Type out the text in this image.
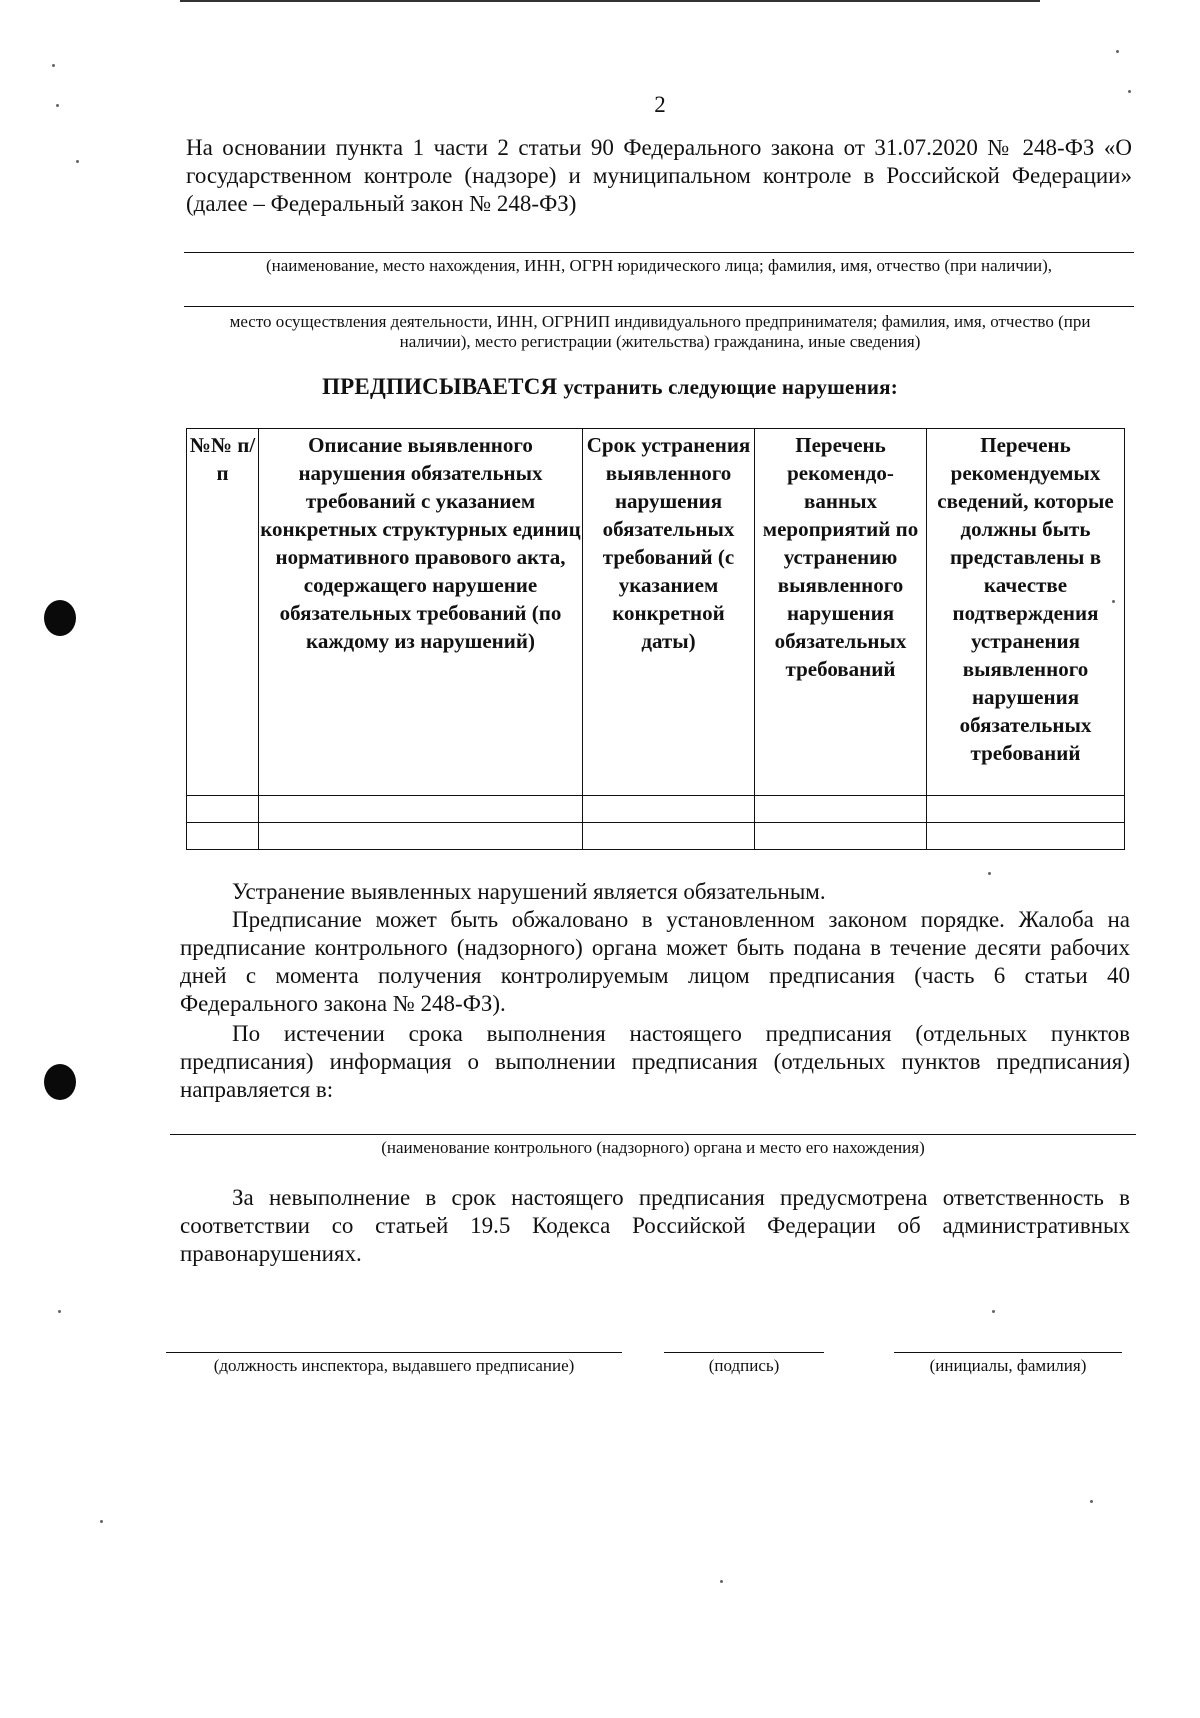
2
На основании пункта 1 части 2 статьи 90 Федерального закона от 31.07.2020 № 248-ФЗ «О государственном контроле (надзоре) и муниципальном контроле в Российской Федерации» (далее – Федеральный закон № 248-ФЗ)
(наименование, место нахождения, ИНН, ОГРН юридического лица; фамилия, имя, отчество (при наличии),
место осуществления деятельности, ИНН, ОГРНИП индивидуального предпринимателя; фамилия, имя, отчество (при наличии), место регистрации (жительства) гражданина, иные сведения)
ПРЕДПИСЫВАЕТСЯ устранить следующие нарушения:
№№ п/п	Описание выявленного нарушения обязательных требований с указанием конкретных структурных единиц нормативного правового акта, содержащего нарушение обязательных требований (по каждому из нарушений)	Срок устранения выявленного нарушения обязательных требований (с указанием конкретной даты)	Перечень рекомендо-ванных мероприятий по устранению выявленного нарушения обязательных требований	Перечень рекомендуемых сведений, которые должны быть представлены в качестве подтверждения устранения выявленного нарушения обязательных требований

Устранение выявленных нарушений является обязательным.
Предписание может быть обжаловано в установленном законом порядке. Жалоба на предписание контрольного (надзорного) органа может быть подана в течение десяти рабочих дней с момента получения контролируемым лицом предписания (часть 6 статьи 40 Федерального закона № 248-ФЗ).
По истечении срока выполнения настоящего предписания (отдельных пунктов предписания) информация о выполнении предписания (отдельных пунктов предписания) направляется в:
(наименование контрольного (надзорного) органа и место его нахождения)
За невыполнение в срок настоящего предписания предусмотрена ответственность в соответствии со статьей 19.5 Кодекса Российской Федерации об административных правонарушениях.
(должность инспектора, выдавшего предписание)	(подпись)	(инициалы, фамилия)
